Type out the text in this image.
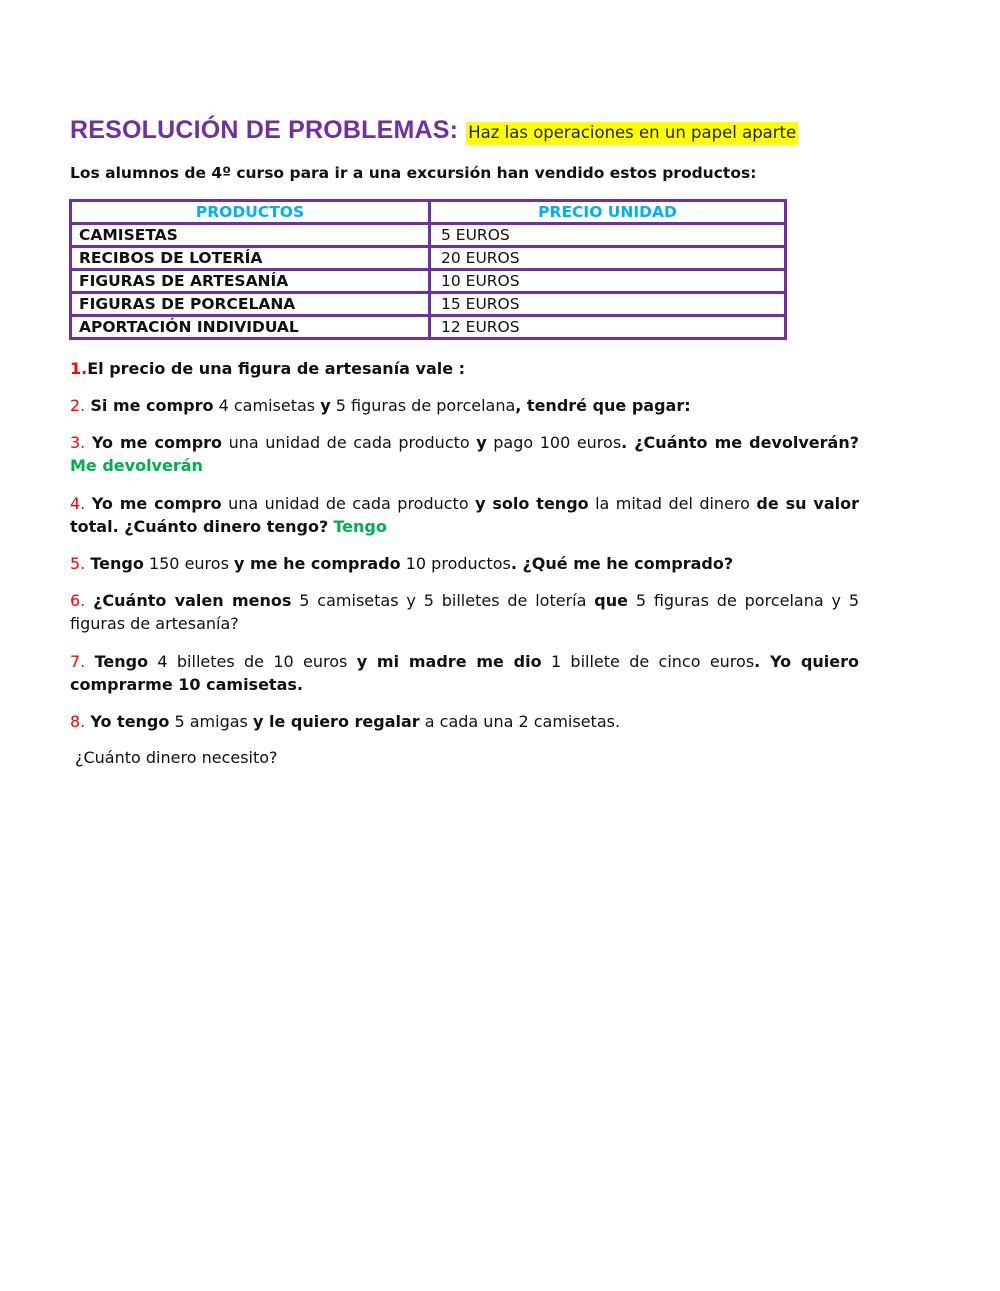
RESOLUCIÓN DE PROBLEMAS: Haz las operaciones en un papel aparte
Los alumnos de 4º curso para ir a una excursión han vendido estos productos:
PRODUCTOS	PRECIO UNIDAD
CAMISETAS	5 EUROS
RECIBOS DE LOTERÍA	20 EUROS
FIGURAS DE ARTESANÍA	10 EUROS
FIGURAS DE PORCELANA	15 EUROS
APORTACIÓN INDIVIDUAL	12 EUROS
1.El precio de una figura de artesanía vale :
2. Si me compro 4 camisetas y 5 figuras de porcelana, tendré que pagar:
3. Yo me compro una unidad de cada producto y pago 100 euros. ¿Cuánto me devolverán? Me devolverán
4. Yo me compro una unidad de cada producto y solo tengo la mitad del dinero de su valor total. ¿Cuánto dinero tengo? Tengo
5. Tengo 150 euros y me he comprado 10 productos. ¿Qué me he comprado?
6. ¿Cuánto valen menos 5 camisetas y 5 billetes de lotería que 5 figuras de porcelana y 5 figuras de artesanía?
7. Tengo 4 billetes de 10 euros y mi madre me dio 1 billete de cinco euros. Yo quiero comprarme 10 camisetas.
8. Yo tengo 5 amigas y le quiero regalar a cada una 2 camisetas.
¿Cuánto dinero necesito?
